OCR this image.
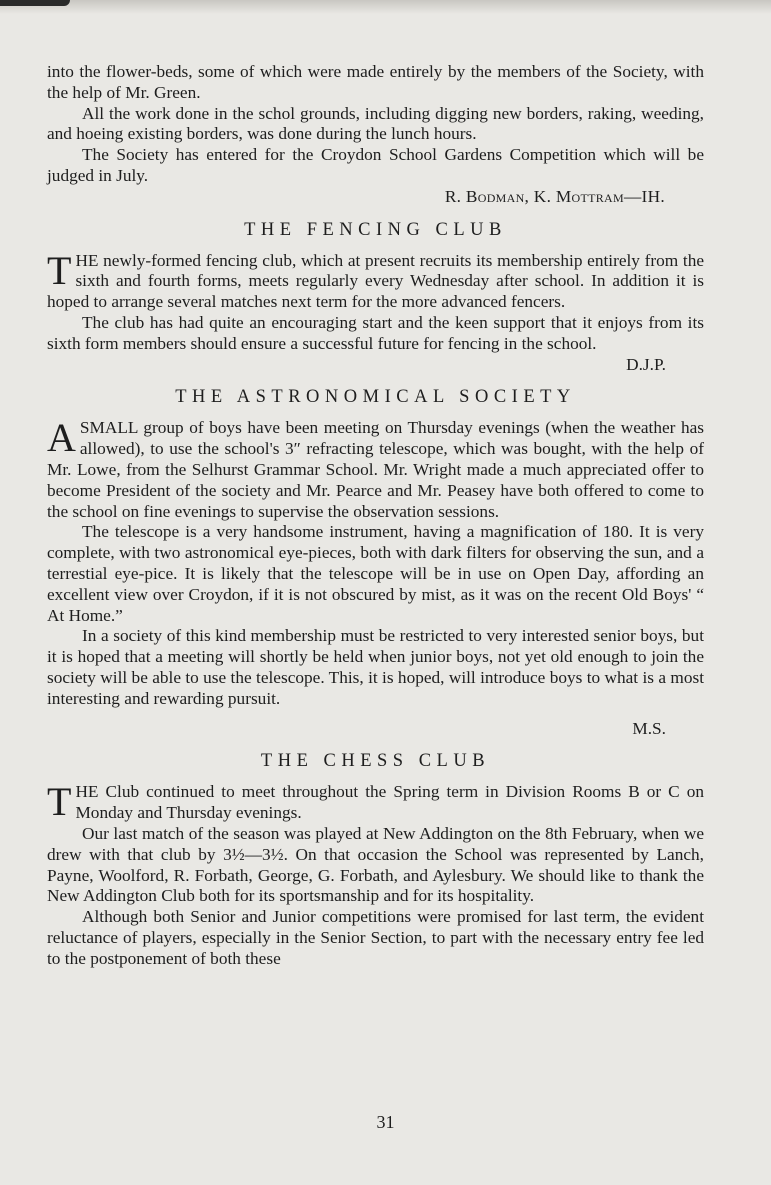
into the flower-beds, some of which were made entirely by the members of the Society, with the help of Mr. Green.

All the work done in the schol grounds, including digging new borders, raking, weeding, and hoeing existing borders, was done during the lunch hours.

The Society has entered for the Croydon School Gardens Competition which will be judged in July.

R. Bodman, K. Mottram—IH.

THE FENCING CLUB

THE newly-formed fencing club, which at present recruits its membership entirely from the sixth and fourth forms, meets regularly every Wednesday after school. In addition it is hoped to arrange several matches next term for the more advanced fencers.

The club has had quite an encouraging start and the keen support that it enjoys from its sixth form members should ensure a successful future for fencing in the school.

D.J.P.

THE ASTRONOMICAL SOCIETY

ASMALL group of boys have been meeting on Thursday evenings (when the weather has allowed), to use the school's 3″ refracting telescope, which was bought, with the help of Mr. Lowe, from the Selhurst Grammar School. Mr. Wright made a much appreciated offer to become President of the society and Mr. Pearce and Mr. Peasey have both offered to come to the school on fine evenings to supervise the observation sessions.

The telescope is a very handsome instrument, having a magnification of 180. It is very complete, with two astronomical eye-pieces, both with dark filters for observing the sun, and a terrestial eye-pice. It is likely that the telescope will be in use on Open Day, affording an excellent view over Croydon, if it is not obscured by mist, as it was on the recent Old Boys' “ At Home.”

In a society of this kind membership must be restricted to very interested senior boys, but it is hoped that a meeting will shortly be held when junior boys, not yet old enough to join the society will be able to use the telescope. This, it is hoped, will introduce boys to what is a most interesting and rewarding pursuit.

M.S.

THE CHESS CLUB

THE Club continued to meet throughout the Spring term in Division Rooms B or C on Monday and Thursday evenings.

Our last match of the season was played at New Addington on the 8th February, when we drew with that club by 3½—3½. On that occasion the School was represented by Lanch, Payne, Woolford, R. Forbath, George, G. Forbath, and Aylesbury. We should like to thank the New Addington Club both for its sportsmanship and for its hospitality.

Although both Senior and Junior competitions were promised for last term, the evident reluctance of players, especially in the Senior Section, to part with the necessary entry fee led to the postponement of both these

31
